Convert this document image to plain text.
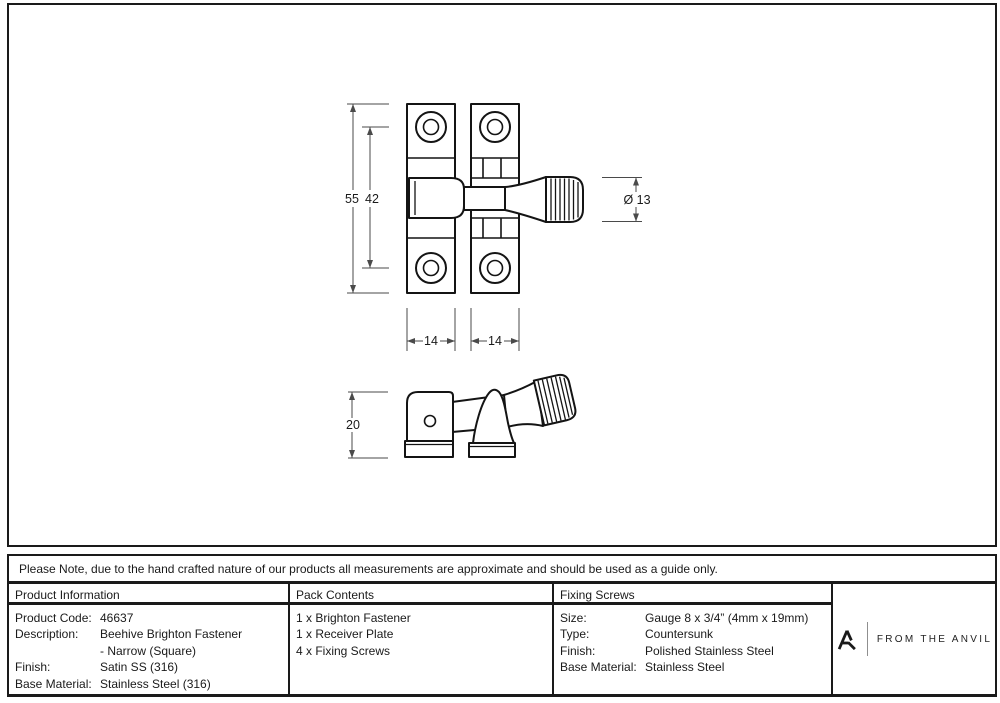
55 42	Ø 13
14	14
20
Please Note, due to the hand crafted nature of our products all measurements are approximate and should be used as a guide only.
Product Information
Product Code: 46637
Description:	Beehive Brighton Fastener
- Narrow (Square)
Finish:	Satin SS (316)
Base Material: Stainless Steel (316)
Pack Contents
1 x Brighton Fastener
1 x Receiver Plate
4 x Fixing Screws
Fixing Screws
Size:	Gauge 8 x 3/4” (4mm x 19mm)
Type:	Countersunk
Finish:	Polished Stainless Steel
Base Material: Stainless Steel
FROM THE ANVIL
